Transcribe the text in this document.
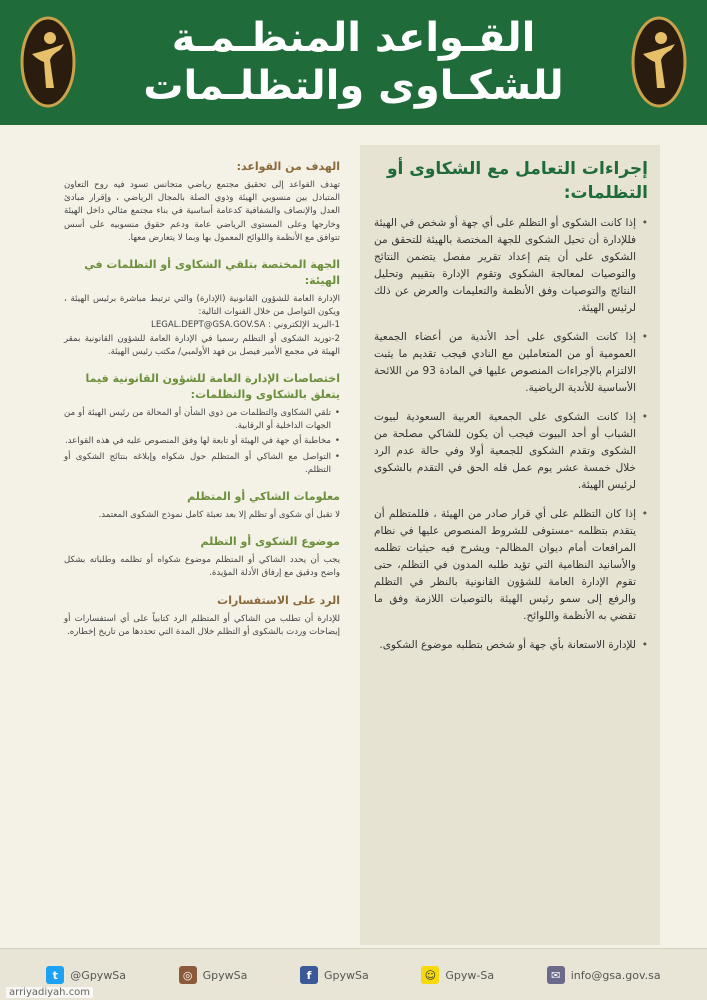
القـواعد المنظـمـة
للشكـاوى والتظلـمات
إجراءات التعامل مع الشكاوى أو التظلمات:
• إذا كانت الشكوى أو التظلم على أي جهة أو شخص في الهيئة فللإدارة أن تحيل الشكوى للجهة المختصة بالهيئة للتحقق من الشكوى على أن يتم إعداد تقرير مفصل يتضمن النتائج والتوصيات لمعالجة الشكوى وتقوم الإدارة بتقييم وتحليل النتائج والتوصيات وفق الأنظمة والتعليمات والعرض عن ذلك لرئيس الهيئة.
• إذا كانت الشكوى على أحد الأندية من أعضاء الجمعية العمومية أو من المتعاملين مع النادي فيجب تقديم ما يثبت الالتزام بالإجراءات المنصوص عليها في المادة 93 من اللائحة الأساسية للأندية الرياضية.
• إذا كانت الشكوى على الجمعية العربية السعودية لبيوت الشباب أو أحد البيوت فيجب أن يكون للشاكي مصلحة من الشكوى وتقدم الشكوى للجمعية أولا وفي حالة عدم الرد خلال خمسة عشر يوم عمل فله الحق في التقدم بالشكوى لرئيس الهيئة.
• إذا كان التظلم على أي قرار صادر من الهيئة ، فللمتظلم أن يتقدم بتظلمه -مستوفى للشروط المنصوص عليها في نظام المرافعات أمام ديوان المظالم- ويشرح فيه حيثيات تظلمه والأسانيد النظامية التي تؤيد طلبه المدون في التظلم، حتى تقوم الإدارة العامة للشؤون القانونية بالنظر في التظلم والرفع إلى سمو رئيس الهيئة بالتوصيات اللازمة وفق ما تقضي به الأنظمة واللوائح.
• للإدارة الاستعانة بأي جهة أو شخص بتطلبه موضوع الشكوى.
الهدف من القواعد:
تهدف القواعد إلى تحقيق مجتمع رياضي متجانس تسود فيه روح التعاون المتبادل بين منسوبي الهيئة وذوي الصلة بالمجال الرياضي ، وإقرار مبادئ العدل والإنصاف والشفافية كدعامة أساسية في بناء مجتمع مثالي داخل الهيئة وخارجها وعلى المستوى الرياضي عامة ودعم حقوق منسوبيه على أسس تتوافق مع الأنظمة واللوائح المعمول بها وبما لا يتعارض معها.
الجهة المختصة بتلقي الشكاوى أو التظلمات في الهيئة:
الإدارة العامة للشؤون القانونية (الإدارة) والتي ترتبط مباشرة برئيس الهيئة ، ويكون التواصل من خلال القنوات التالية:
1-البريد الإلكتروني : LEGAL.DEPT@GSA.GOV.SA
2-توريد الشكوى أو التظلم رسميا في الإدارة العامة للشؤون القانونية بمقر الهيئة في مجمع الأمير فيصل بن فهد الأولمبي/ مكتب رئيس الهيئة.
اختصاصات الإدارة العامة للشؤون القانونية فيما يتعلق بالشكاوى والتظلمات:
• تلقي الشكاوى والتظلمات من ذوي الشأن أو المحالة من رئيس الهيئة أو من الجهات الداخلية أو الرقابية.
• مخاطبة أي جهة في الهيئة أو تابعة لها وفق المنصوص عليه في هذه القواعد.
• التواصل مع الشاكي أو المتظلم حول شكواه وإبلاغه بنتائج الشكوى أو التظلم.
معلومات الشاكي أو المتظلم
لا تقبل أي شكوى أو تظلم إلا بعد تعبئة كامل نموذج الشكوى المعتمد.
موضوع الشكوى أو التظلم
يجب أن يحدد الشاكي أو المتظلم موضوع شكواه أو تظلمه وطلباته بشكل واضح ودقيق مع إرفاق الأدلة المؤيدة.
الرد على الاستفسارات
للإدارة أن تطلب من الشاكي أو المتظلم الرد كتابياً على أي استفسارات أو إيضاحات وردت بالشكوى أو التظلم خلال المدة التي تحددها من تاريخ إخطاره.
t	@GpywSa	◎ GpywSa	f	GpywSa	☺ Gpyw-Sa	✉ info@gsa.gov.sa
arriyadiyah.com
